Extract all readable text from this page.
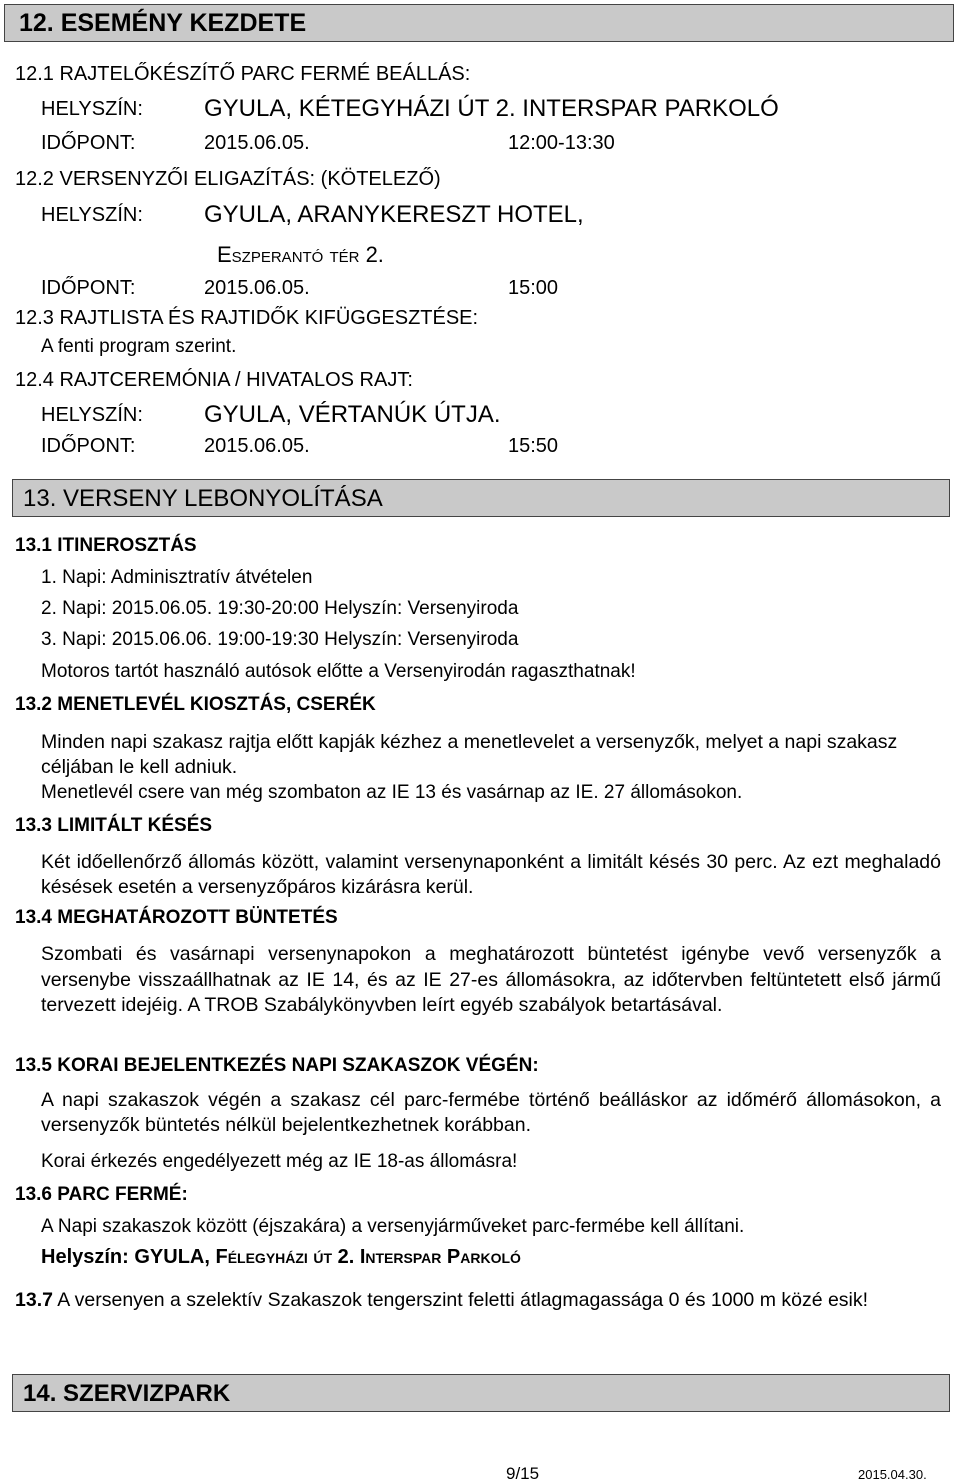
12. ESEMÉNY KEZDETE
12.1 RAJTELŐKÉSZÍTŐ PARC FERMÉ BEÁLLÁS:
HELYSZÍN:	GYULA, KÉTEGYHÁZI ÚT 2. INTERSPAR PARKOLÓ
IDŐPONT:	2015.06.05.	12:00-13:30
12.2 VERSENYZŐI ELIGAZÍTÁS: (KÖTELEZŐ)
HELYSZÍN:	GYULA, ARANYKERESZT HOTEL,
Eszperantó tér 2.
IDŐPONT:	2015.06.05.	15:00
12.3 RAJTLISTA ÉS RAJTIDŐK KIFÜGGESZTÉSE:
A fenti program szerint.
12.4 RAJTCEREMÓNIA / HIVATALOS RAJT:
HELYSZÍN:	GYULA, VÉRTANÚK ÚTJA.
IDŐPONT:	2015.06.05.	15:50
13. VERSENY LEBONYOLÍTÁSA
13.1 ITINEROSZTÁS
1. Napi: Adminisztratív átvételen
2. Napi: 2015.06.05. 19:30-20:00 Helyszín: Versenyiroda
3. Napi: 2015.06.06. 19:00-19:30 Helyszín: Versenyiroda
Motoros tartót használó autósok előtte a Versenyirodán ragaszthatnak!
13.2 MENETLEVÉL KIOSZTÁS, CSERÉK
Minden napi szakasz rajtja előtt kapják kézhez a menetlevelet a versenyzők, melyet a napi szakasz céljában le kell adniuk.
Menetlevél csere van még szombaton az IE 13 és vasárnap az IE. 27 állomásokon.
13.3 LIMITÁLT KÉSÉS
Két időellenőrző állomás között, valamint versenynaponként a limitált késés 30 perc. Az ezt meghaladó késések esetén a versenyzőpáros kizárásra kerül.
13.4 MEGHATÁROZOTT BÜNTETÉS
Szombati és vasárnapi versenynapokon a meghatározott büntetést igénybe vevő versenyzők a versenybe visszaállhatnak az IE 14, és az IE 27-es állomásokra, az időtervben feltüntetett első jármű tervezett idejéig. A TROB Szabálykönyvben leírt egyéb szabályok betartásával.
13.5 KORAI BEJELENTKEZÉS NAPI SZAKASZOK VÉGÉN:
A napi szakaszok végén a szakasz cél parc-fermébe történő beálláskor az időmérő állomásokon, a versenyzők büntetés nélkül bejelentkezhetnek korábban.
Korai érkezés engedélyezett még az IE 18-as állomásra!
13.6 PARC FERMÉ:
A Napi szakaszok között (éjszakára) a versenyjárműveket parc-fermébe kell állítani.
Helyszín: GYULA, Félegyházi út 2. Interspar Parkoló
13.7 A versenyen a szelektív Szakaszok tengerszint feletti átlagmagassága 0 és 1000 m közé esik!
14. SZERVIZPARK
9/15	2015.04.30.
